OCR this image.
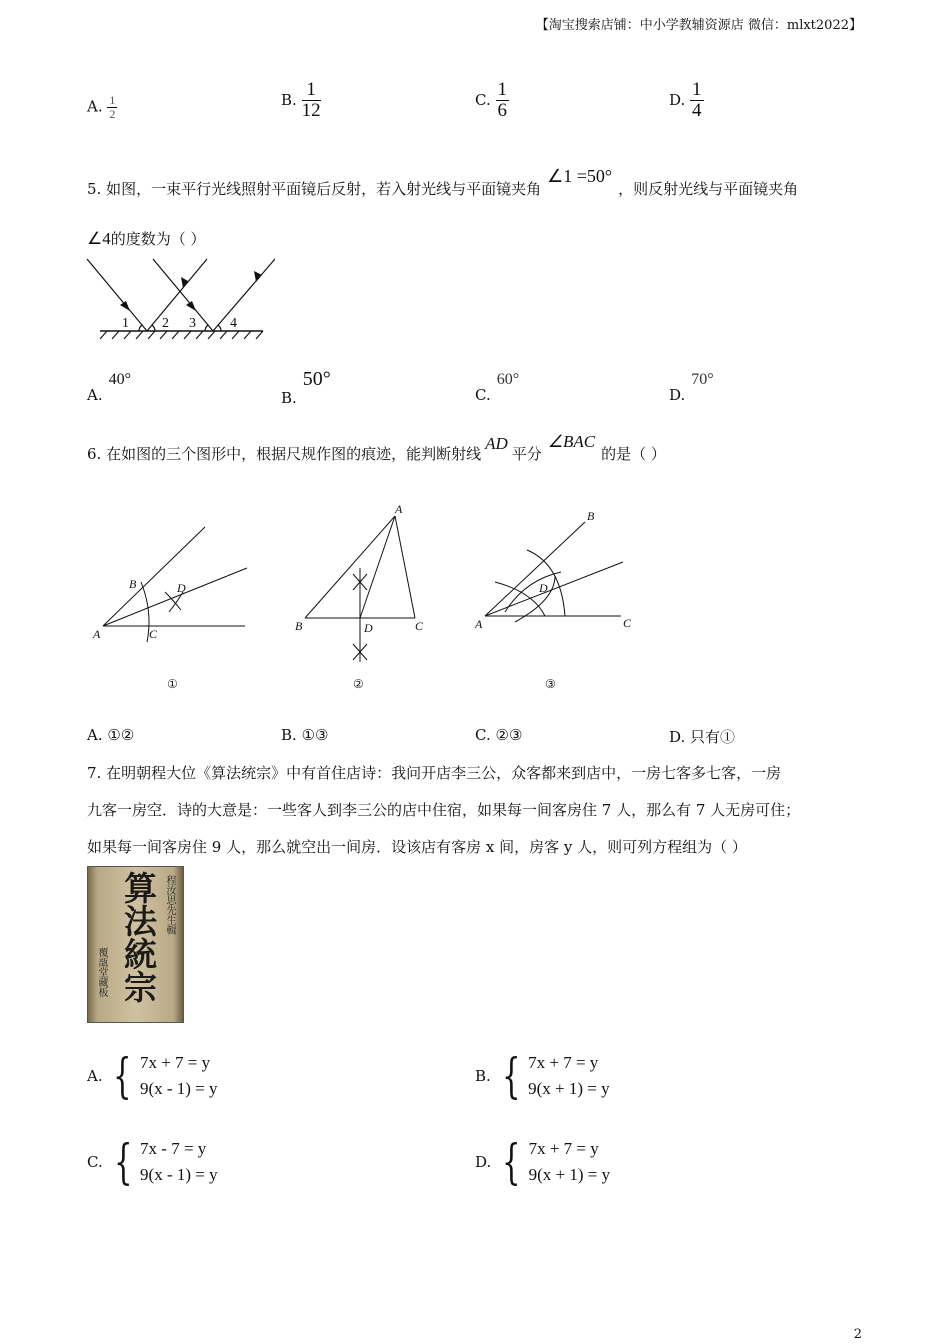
【淘宝搜索店铺：中小学教辅资源店 微信：mlxt2022】
A. $\frac{1}{2}$	B. $\frac{1}{12}$	C. $\frac{1}{6}$	D. $\frac{1}{4}$
5. 如图，一束平行光线照射平面镜后反射，若入射光线与平面镜夹角∠1 =50°，则反射光线与平面镜夹角
∠4的度数为（ ）
1 2 3 4
A.40°
B.50°
C.60°
D.70°
6. 在如图的三个图形中，根据尺规作图的痕迹，能判断射线AD平分∠BAC的是（ ）
A
B
C
D
①
A
B	C
D
②
A
B
C
D
③
A. ①②	B. ①③	C. ②③	D. 只有①
7. 在明朝程大位《算法统宗》中有首住店诗：我问开店李三公，众客都来到店中，一房七客多七客，一房
九客一房空．诗的大意是：一些客人到李三公的店中住宿，如果每一间客房住 7 人，那么有 7 人无房可住；
如果每一间客房住 9 人，那么就空出一间房．设该店有客房 x 间，房客 y 人，则可列方程组为（ ）
算法統宗 程汝思先生輯
覆瓿堂藏板
A. { 7x + 7 = y
9(x - 1) = y
B. { 7x + 7 = y
9(x + 1) = y
C. { 7x - 7 = y
9(x - 1) = y
D. { 7x + 7 = y
9(x + 1) = y
2
